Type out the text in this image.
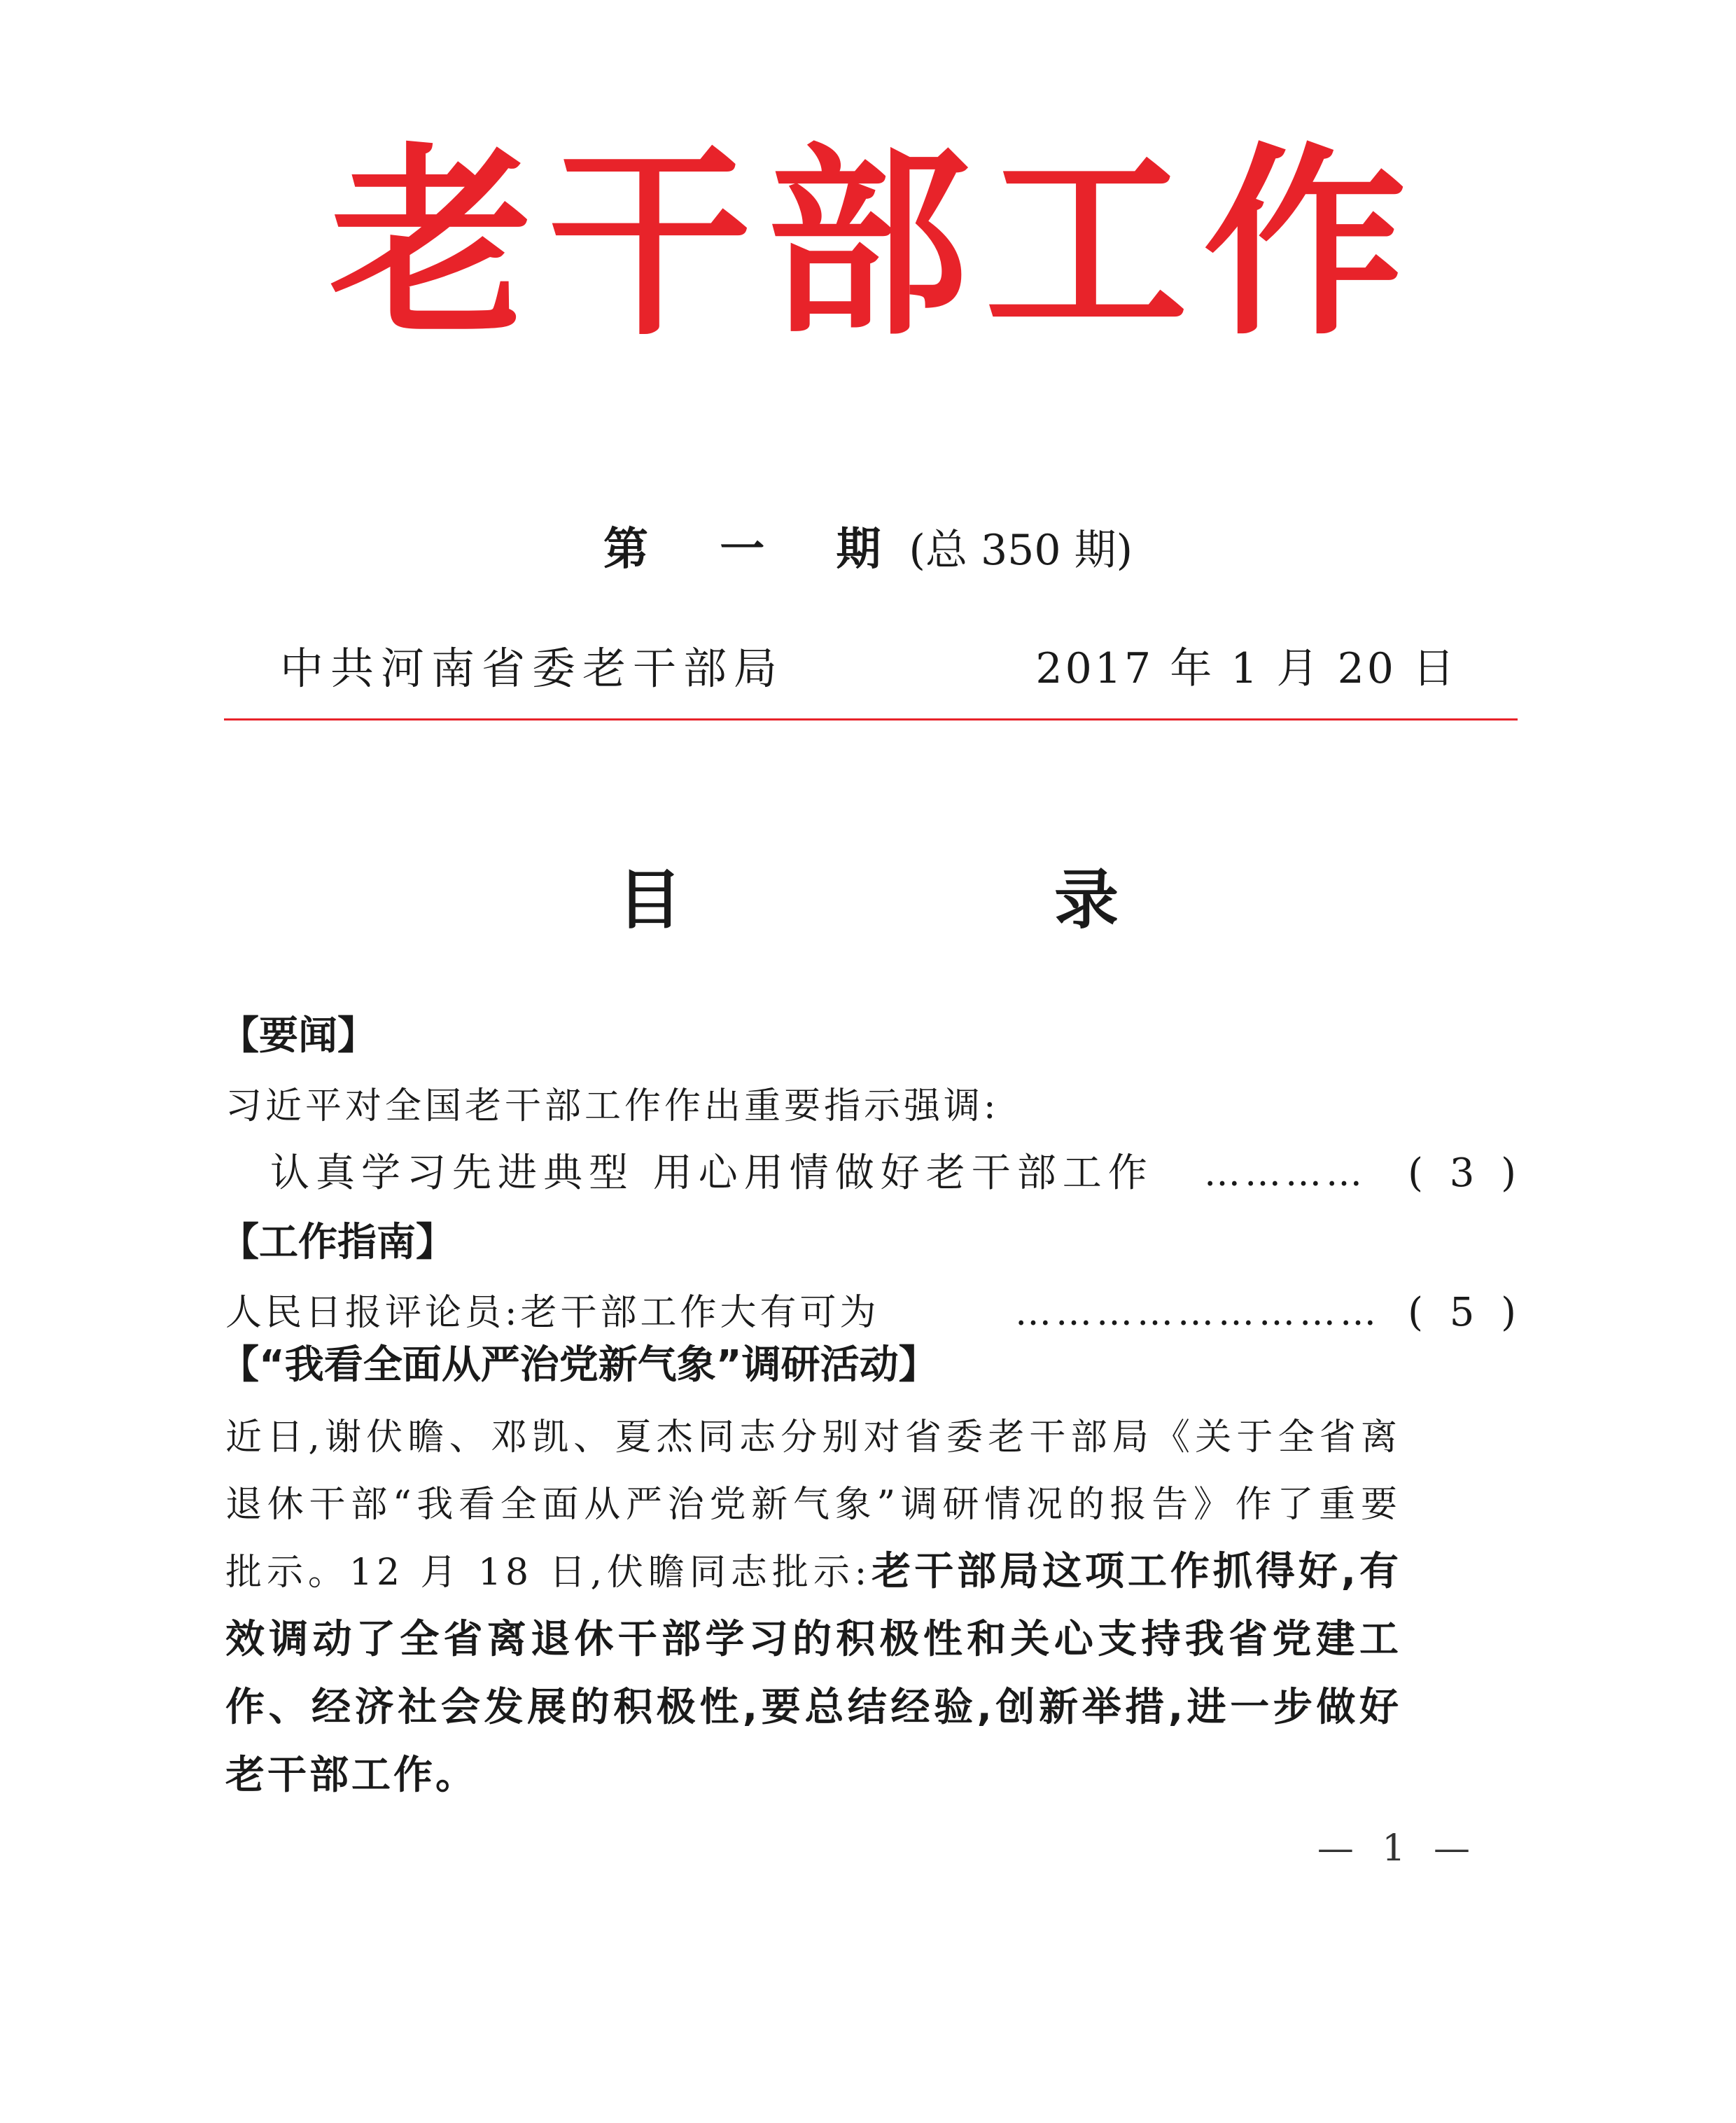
老 干 部 工 作
第 一 期(总 350 期)
中共河南省委老干部局	2017 年 1 月 20 日
目 录
【要闻】
习近平对全国老干部工作作出重要指示强调:
认真学习先进典型 用心用情做好老干部工作 ………… ( 3 )
【工作指南】
人民日报评论员:老干部工作大有可为	……………………… ( 5 )
【“我看全面从严治党新气象”调研活动】
近日,谢伏瞻、邓凯、夏杰同志分别对省委老干部局《关于全省离退休干部“我看全面从严治党新气象”调研情况的报告》作了重要批示。12 月 18 日,伏瞻同志批示:老干部局这项工作抓得好,有效调动了全省离退休干部学习的积极性和关心支持我省党建工作、经济社会发展的积极性,要总结经验,创新举措,进一步做好老干部工作。
— 1 —
